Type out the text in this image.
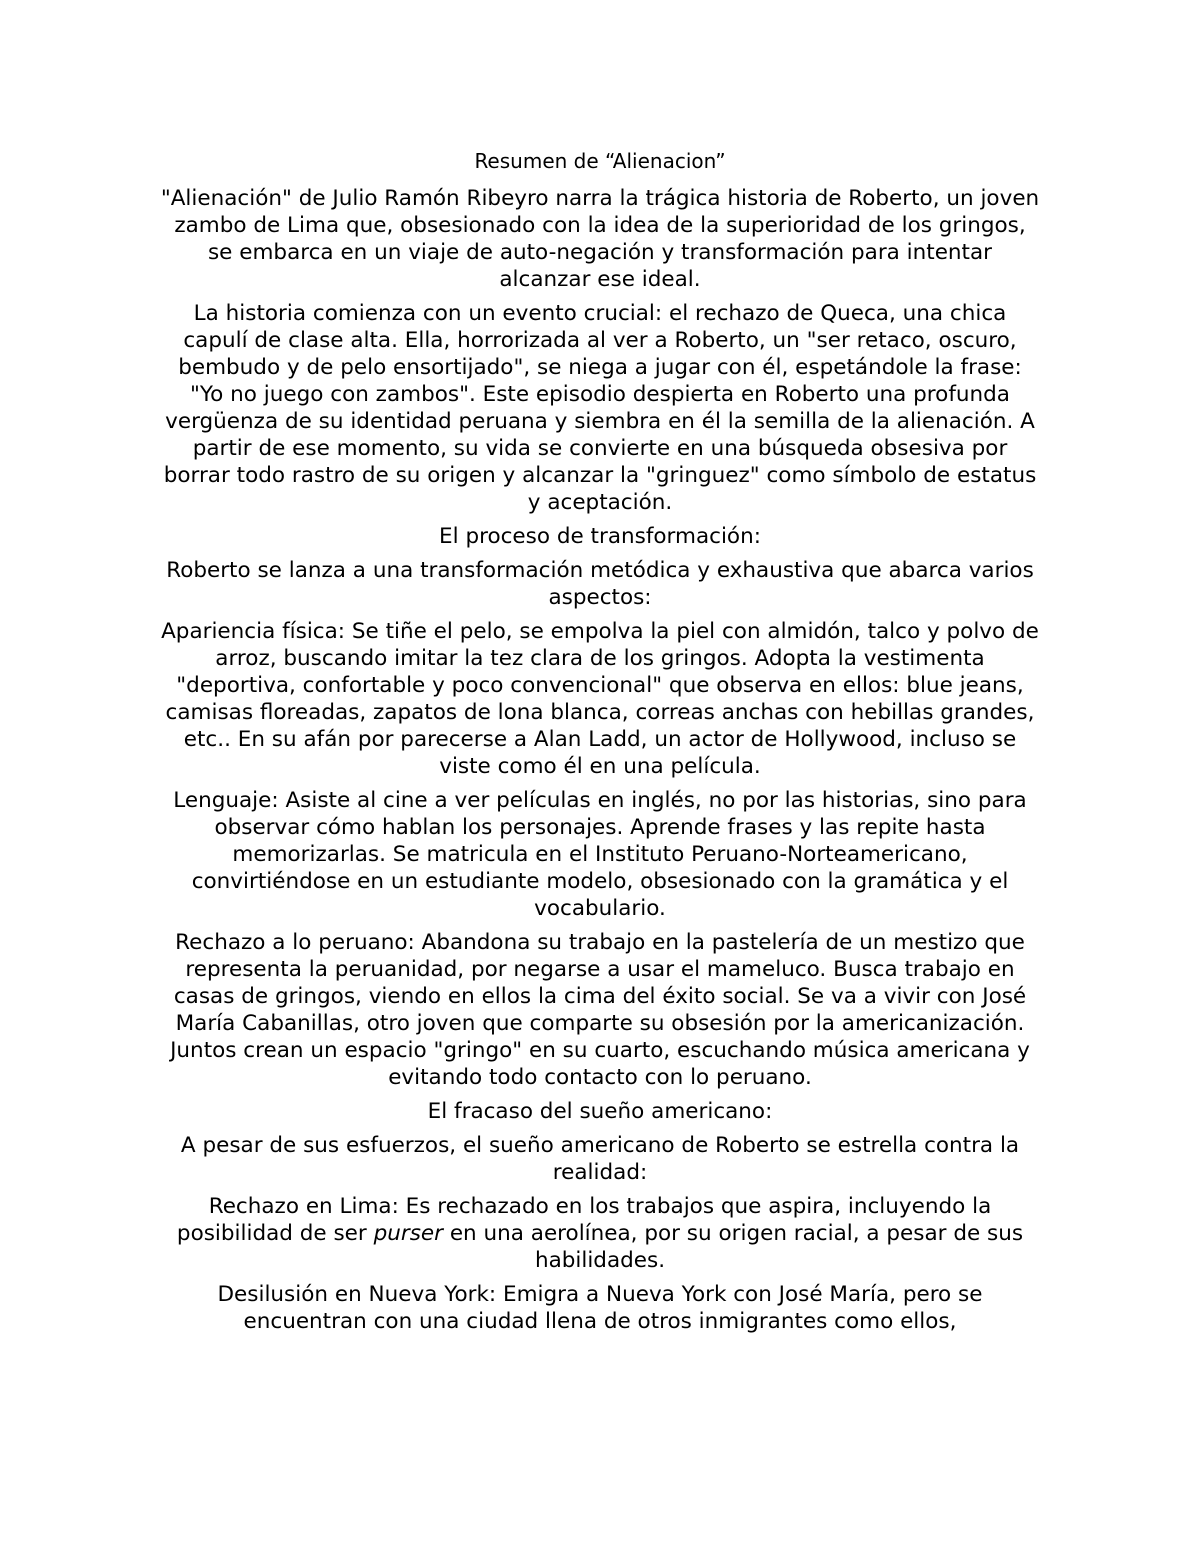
Resumen de “Alienacion”

"Alienación" de Julio Ramón Ribeyro narra la trágica historia de Roberto, un joven zambo de Lima que, obsesionado con la idea de la superioridad de los gringos, se embarca en un viaje de auto-negación y transformación para intentar alcanzar ese ideal.

La historia comienza con un evento crucial: el rechazo de Queca, una chica capulí de clase alta. Ella, horrorizada al ver a Roberto, un "ser retaco, oscuro, bembudo y de pelo ensortijado", se niega a jugar con él, espetándole la frase: "Yo no juego con zambos". Este episodio despierta en Roberto una profunda vergüenza de su identidad peruana y siembra en él la semilla de la alienación. A partir de ese momento, su vida se convierte en una búsqueda obsesiva por borrar todo rastro de su origen y alcanzar la "gringuez" como símbolo de estatus y aceptación.

El proceso de transformación:

Roberto se lanza a una transformación metódica y exhaustiva que abarca varios aspectos:

Apariencia física: Se tiñe el pelo, se empolva la piel con almidón, talco y polvo de arroz, buscando imitar la tez clara de los gringos. Adopta la vestimenta "deportiva, confortable y poco convencional" que observa en ellos: blue jeans, camisas floreadas, zapatos de lona blanca, correas anchas con hebillas grandes, etc.. En su afán por parecerse a Alan Ladd, un actor de Hollywood, incluso se viste como él en una película.

Lenguaje: Asiste al cine a ver películas en inglés, no por las historias, sino para observar cómo hablan los personajes. Aprende frases y las repite hasta memorizarlas. Se matricula en el Instituto Peruano-Norteamericano, convirtiéndose en un estudiante modelo, obsesionado con la gramática y el vocabulario.

Rechazo a lo peruano: Abandona su trabajo en la pastelería de un mestizo que representa la peruanidad, por negarse a usar el mameluco. Busca trabajo en casas de gringos, viendo en ellos la cima del éxito social. Se va a vivir con José María Cabanillas, otro joven que comparte su obsesión por la americanización. Juntos crean un espacio "gringo" en su cuarto, escuchando música americana y evitando todo contacto con lo peruano.

El fracaso del sueño americano:

A pesar de sus esfuerzos, el sueño americano de Roberto se estrella contra la realidad:

Rechazo en Lima: Es rechazado en los trabajos que aspira, incluyendo la posibilidad de ser purser en una aerolínea, por su origen racial, a pesar de sus habilidades.

Desilusión en Nueva York: Emigra a Nueva York con José María, pero se encuentran con una ciudad llena de otros inmigrantes como ellos,
